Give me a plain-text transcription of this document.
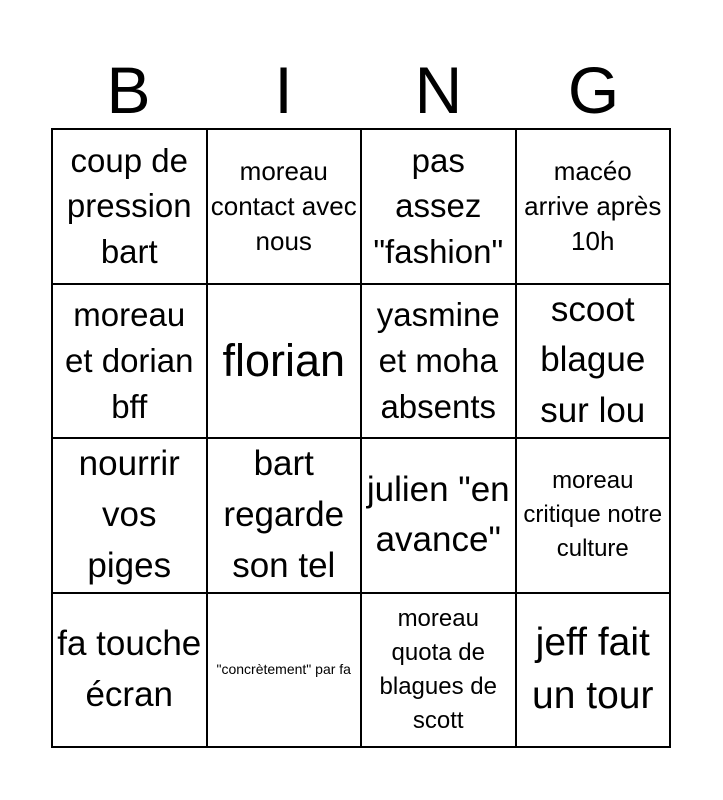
B	I	N	G
coup de pression bart
moreau contact avec nous
pas assez "fashion"
macéo arrive après 10h
moreau et dorian bff
florian
yasmine et moha absents
scoot blague sur lou
nourrir vos piges
bart regarde son tel
julien "en avance"
moreau critique notre culture
fa touche écran
"concrètement" par fa
moreau quota de blagues de scott
jeff fait un tour
